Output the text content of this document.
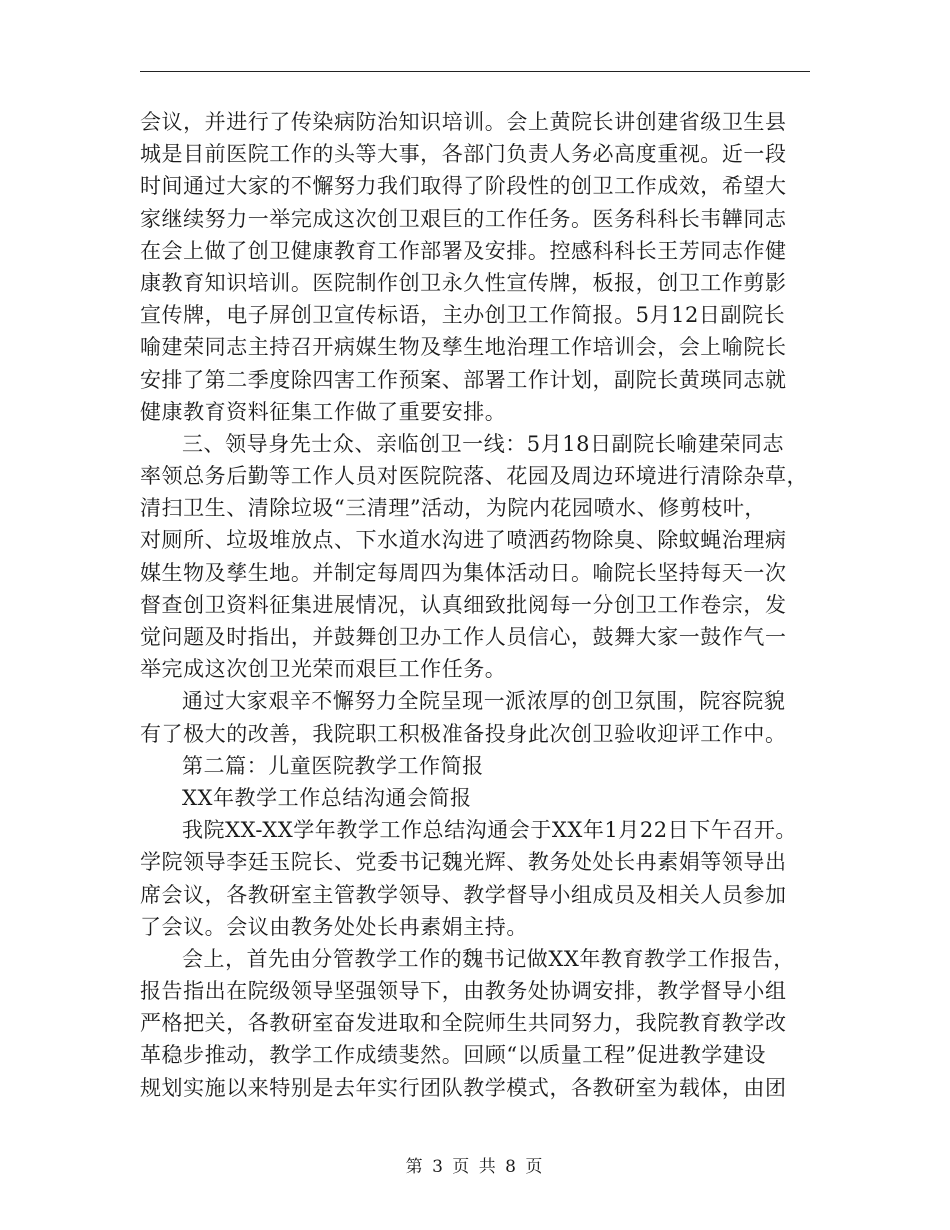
会议，并进行了传染病防治知识培训。会上黄院长讲创建省级卫生县
城是目前医院工作的头等大事，各部门负责人务必高度重视。近一段
时间通过大家的不懈努力我们取得了阶段性的创卫工作成效，希望大
家继续努力一举完成这次创卫艰巨的工作任务。医务科科长韦韡同志
在会上做了创卫健康教育工作部署及安排。控感科科长王芳同志作健
康教育知识培训。医院制作创卫永久性宣传牌，板报，创卫工作剪影
宣传牌，电子屏创卫宣传标语，主办创卫工作简报。5月12日副院长
喻建荣同志主持召开病媒生物及孳生地治理工作培训会，会上喻院长
安排了第二季度除四害工作预案、部署工作计划，副院长黄瑛同志就
健康教育资料征集工作做了重要安排。
三、领导身先士众、亲临创卫一线：5月18日副院长喻建荣同志
率领总务后勤等工作人员对医院院落、花园及周边环境进行清除杂草，
清扫卫生、清除垃圾“三清理”活动，为院内花园喷水、修剪枝叶，
对厕所、垃圾堆放点、下水道水沟进了喷洒药物除臭、除蚊蝇治理病
媒生物及孳生地。并制定每周四为集体活动日。喻院长坚持每天一次
督查创卫资料征集进展情况，认真细致批阅每一分创卫工作卷宗，发
觉问题及时指出，并鼓舞创卫办工作人员信心，鼓舞大家一鼓作气一
举完成这次创卫光荣而艰巨工作任务。
通过大家艰辛不懈努力全院呈现一派浓厚的创卫氛围，院容院貌
有了极大的改善，我院职工积极准备投身此次创卫验收迎评工作中。
第二篇：儿童医院教学工作简报
XX年教学工作总结沟通会简报
我院XX-XX学年教学工作总结沟通会于XX年1月22日下午召开。
学院领导李廷玉院长、党委书记魏光辉、教务处处长冉素娟等领导出
席会议，各教研室主管教学领导、教学督导小组成员及相关人员参加
了会议。会议由教务处处长冉素娟主持。
会上，首先由分管教学工作的魏书记做XX年教育教学工作报告，
报告指出在院级领导坚强领导下，由教务处协调安排，教学督导小组
严格把关，各教研室奋发进取和全院师生共同努力，我院教育教学改
革稳步推动，教学工作成绩斐然。回顾“以质量工程”促进教学建设
规划实施以来特别是去年实行团队教学模式，各教研室为载体，由团
第 3 页 共 8 页
